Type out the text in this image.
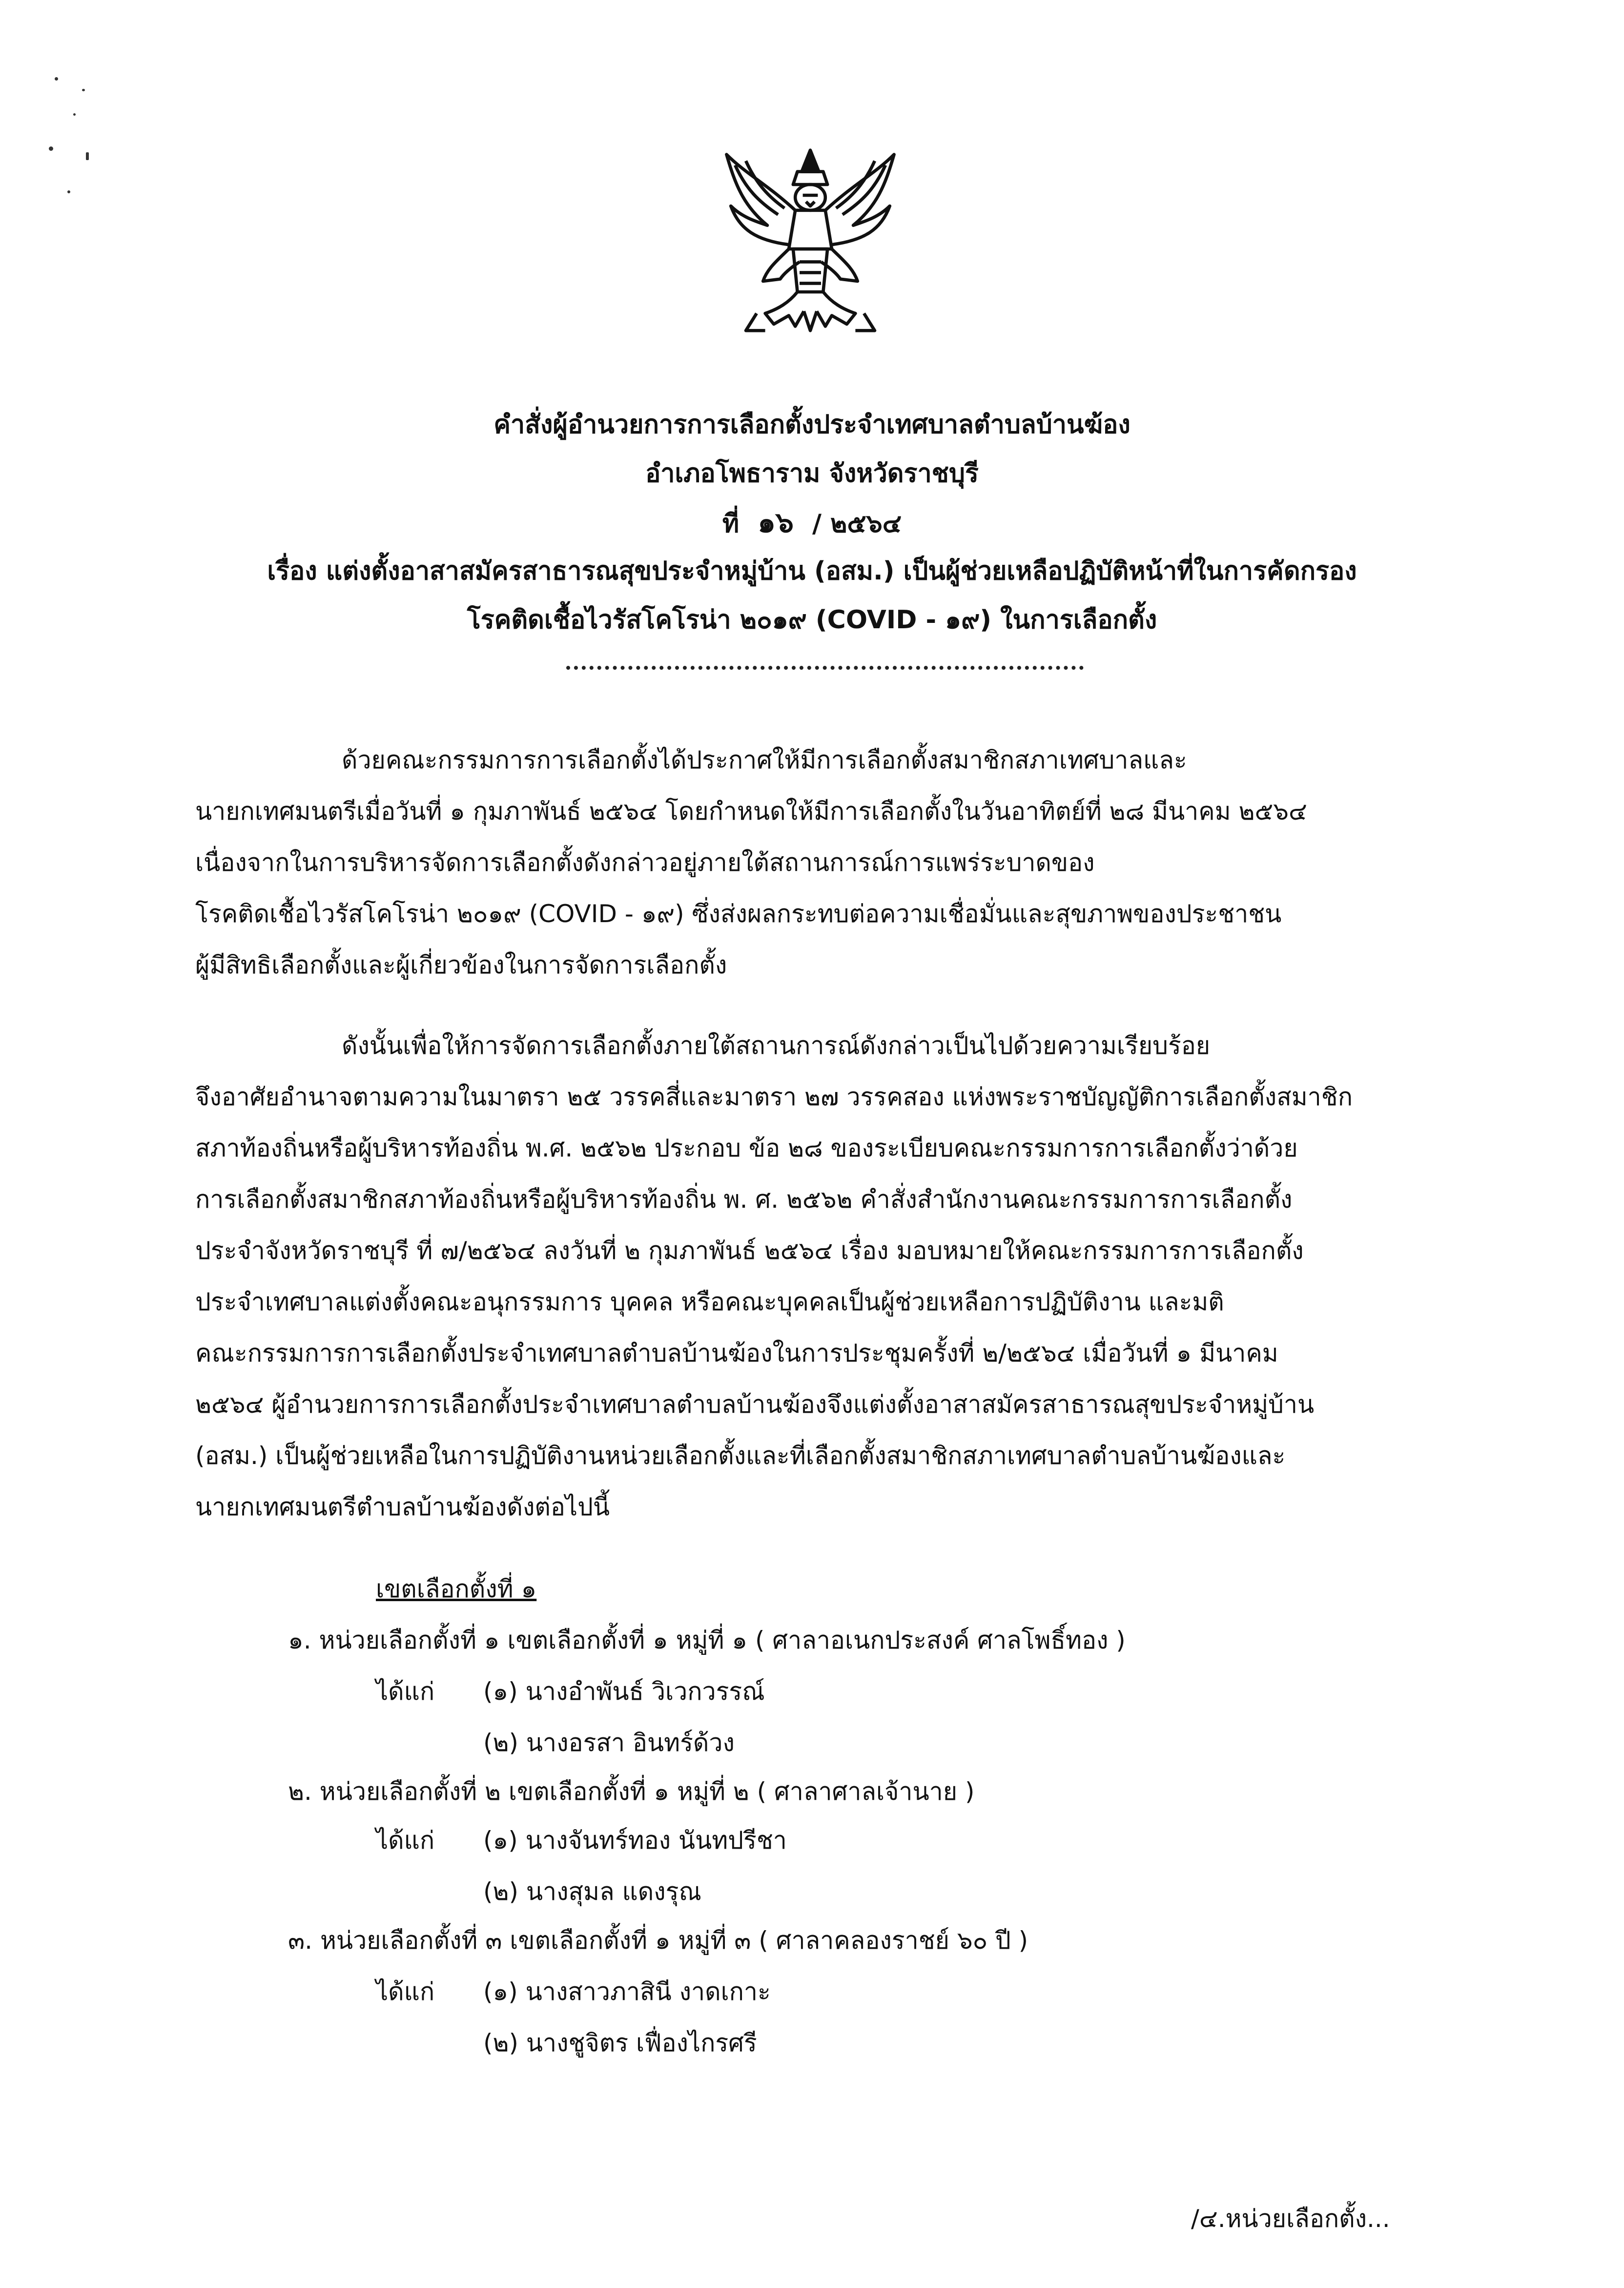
คำสั่งผู้อำนวยการการเลือกตั้งประจำเทศบาลตำบลบ้านฆ้อง
อำเภอโพธาราม จังหวัดราชบุรี
ที่ ๑๖ / ๒๕๖๔
เรื่อง แต่งตั้งอาสาสมัครสาธารณสุขประจำหมู่บ้าน (อสม.) เป็นผู้ช่วยเหลือปฏิบัติหน้าที่ในการคัดกรอง
โรคติดเชื้อไวรัสโคโรน่า ๒๐๑๙ (COVID - ๑๙) ในการเลือกตั้ง
ด้วยคณะกรรมการการเลือกตั้งได้ประกาศให้มีการเลือกตั้งสมาชิกสภาเทศบาลและ
นายกเทศมนตรีเมื่อวันที่ ๑ กุมภาพันธ์ ๒๕๖๔ โดยกำหนดให้มีการเลือกตั้งในวันอาทิตย์ที่ ๒๘ มีนาคม ๒๕๖๔
เนื่องจากในการบริหารจัดการเลือกตั้งดังกล่าวอยู่ภายใต้สถานการณ์การแพร่ระบาดของ
โรคติดเชื้อไวรัสโคโรน่า ๒๐๑๙ (COVID - ๑๙) ซึ่งส่งผลกระทบต่อความเชื่อมั่นและสุขภาพของประชาชน
ผู้มีสิทธิเลือกตั้งและผู้เกี่ยวข้องในการจัดการเลือกตั้ง
ดังนั้นเพื่อให้การจัดการเลือกตั้งภายใต้สถานการณ์ดังกล่าวเป็นไปด้วยความเรียบร้อย
จึงอาศัยอำนาจตามความในมาตรา ๒๕ วรรคสี่และมาตรา ๒๗ วรรคสอง แห่งพระราชบัญญัติการเลือกตั้งสมาชิก
สภาท้องถิ่นหรือผู้บริหารท้องถิ่น พ.ศ. ๒๕๖๒ ประกอบ ข้อ ๒๘ ของระเบียบคณะกรรมการการเลือกตั้งว่าด้วย
การเลือกตั้งสมาชิกสภาท้องถิ่นหรือผู้บริหารท้องถิ่น พ. ศ. ๒๕๖๒ คำสั่งสำนักงานคณะกรรมการการเลือกตั้ง
ประจำจังหวัดราชบุรี ที่ ๗/๒๕๖๔ ลงวันที่ ๒ กุมภาพันธ์ ๒๕๖๔ เรื่อง มอบหมายให้คณะกรรมการการเลือกตั้ง
ประจำเทศบาลแต่งตั้งคณะอนุกรรมการ บุคคล หรือคณะบุคคลเป็นผู้ช่วยเหลือการปฏิบัติงาน และมติ
คณะกรรมการการเลือกตั้งประจำเทศบาลตำบลบ้านฆ้องในการประชุมครั้งที่ ๒/๒๕๖๔ เมื่อวันที่ ๑ มีนาคม
๒๕๖๔ ผู้อำนวยการการเลือกตั้งประจำเทศบาลตำบลบ้านฆ้องจึงแต่งตั้งอาสาสมัครสาธารณสุขประจำหมู่บ้าน
(อสม.) เป็นผู้ช่วยเหลือในการปฏิบัติงานหน่วยเลือกตั้งและที่เลือกตั้งสมาชิกสภาเทศบาลตำบลบ้านฆ้องและ
นายกเทศมนตรีตำบลบ้านฆ้องดังต่อไปนี้
เขตเลือกตั้งที่ ๑
๑. หน่วยเลือกตั้งที่ ๑ เขตเลือกตั้งที่ ๑ หมู่ที่ ๑ ( ศาลาอเนกประสงค์ ศาลโพธิ์ทอง )
ได้แก่ (๑) นางอำพันธ์ วิเวกวรรณ์
(๒) นางอรสา อินทร์ด้วง
๒. หน่วยเลือกตั้งที่ ๒ เขตเลือกตั้งที่ ๑ หมู่ที่ ๒ ( ศาลาศาลเจ้านาย )
ได้แก่ (๑) นางจันทร์ทอง นันทปรีชา
(๒) นางสุมล แดงรุณ
๓. หน่วยเลือกตั้งที่ ๓ เขตเลือกตั้งที่ ๑ หมู่ที่ ๓ ( ศาลาคลองราชย์ ๖๐ ปี )
ได้แก่ (๑) นางสาวภาสินี งาดเกาะ
(๒) นางชูจิตร เฟื่องไกรศรี
/๔.หน่วยเลือกตั้ง...
